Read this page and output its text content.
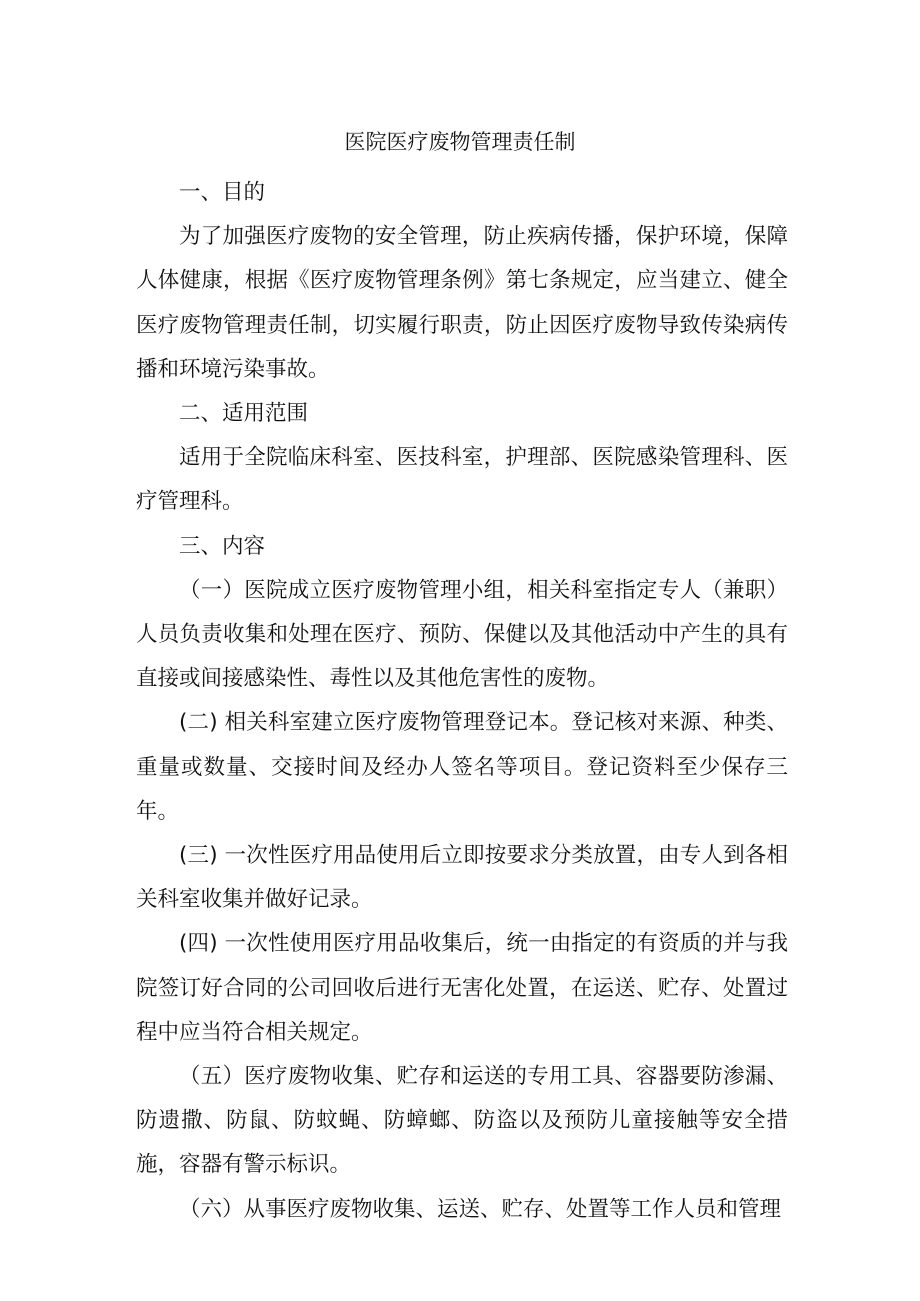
医院医疗废物管理责任制

一、目的

为了加强医疗废物的安全管理，防止疾病传播，保护环境，保障人体健康，根据《医疗废物管理条例》第七条规定，应当建立、健全医疗废物管理责任制，切实履行职责，防止因医疗废物导致传染病传播和环境污染事故。

二、适用范围

适用于全院临床科室、医技科室，护理部、医院感染管理科、医疗管理科。

三、内容

（一）医院成立医疗废物管理小组，相关科室指定专人（兼职）人员负责收集和处理在医疗、预防、保健以及其他活动中产生的具有直接或间接感染性、毒性以及其他危害性的废物。

(二) 相关科室建立医疗废物管理登记本。登记核对来源、种类、重量或数量、交接时间及经办人签名等项目。登记资料至少保存三年。

(三) 一次性医疗用品使用后立即按要求分类放置，由专人到各相关科室收集并做好记录。

(四) 一次性使用医疗用品收集后，统一由指定的有资质的并与我院签订好合同的公司回收后进行无害化处置，在运送、贮存、处置过程中应当符合相关规定。

（五）医疗废物收集、贮存和运送的专用工具、容器要防渗漏、防遗撒、防鼠、防蚊蝇、防蟑螂、防盗以及预防儿童接触等安全措施，容器有警示标识。

（六）从事医疗废物收集、运送、贮存、处置等工作人员和管理
